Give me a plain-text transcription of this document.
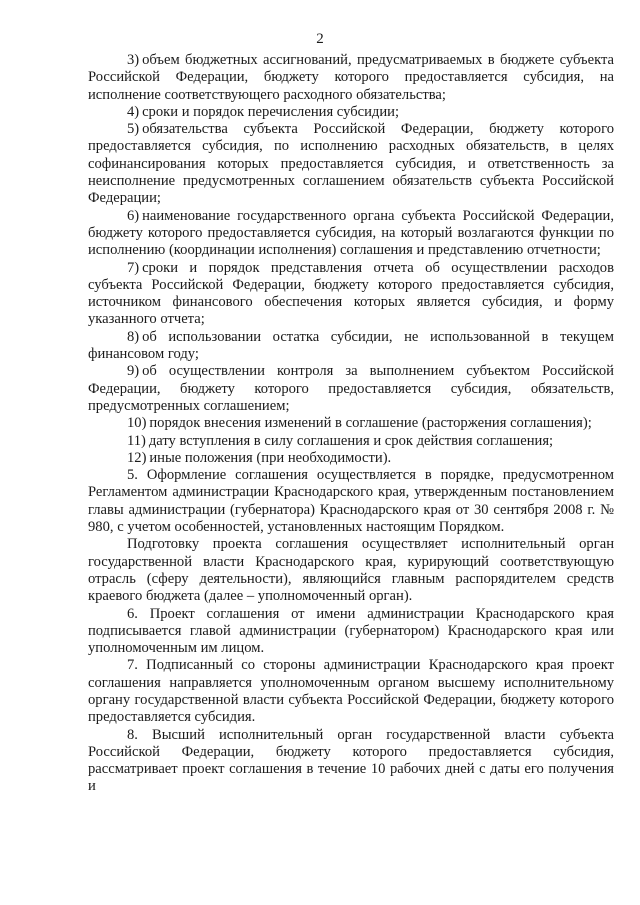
2

3) объем бюджетных ассигнований, предусматриваемых в бюджете субъекта Российской Федерации, бюджету которого предоставляется субсидия, на исполнение соответствующего расходного обязательства;

4) сроки и порядок перечисления субсидии;

5) обязательства субъекта Российской Федерации, бюджету которого предоставляется субсидия, по исполнению расходных обязательств, в целях софинансирования которых предоставляется субсидия, и ответственность за неисполнение предусмотренных соглашением обязательств субъекта Российской Федерации;

6) наименование государственного органа субъекта Российской Федерации, бюджету которого предоставляется субсидия, на который возлагаются функции по исполнению (координации исполнения) соглашения и представлению отчетности;

7) сроки и порядок представления отчета об осуществлении расходов субъекта Российской Федерации, бюджету которого предоставляется субсидия, источником финансового обеспечения которых является субсидия, и форму указанного отчета;

8) об использовании остатка субсидии, не использованной в текущем финансовом году;

9) об осуществлении контроля за выполнением субъектом Российской Федерации, бюджету которого предоставляется субсидия, обязательств, предусмотренных соглашением;

10) порядок внесения изменений в соглашение (расторжения соглашения);

11) дату вступления в силу соглашения и срок действия соглашения;

12) иные положения (при необходимости).

5. Оформление соглашения осуществляется в порядке, предусмотренном Регламентом администрации Краснодарского края, утвержденным постановлением главы администрации (губернатора) Краснодарского края от 30 сентября 2008 г. № 980, с учетом особенностей, установленных настоящим Порядком.

Подготовку проекта соглашения осуществляет исполнительный орган государственной власти Краснодарского края, курирующий соответствующую отрасль (сферу деятельности), являющийся главным распорядителем средств краевого бюджета (далее – уполномоченный орган).

6. Проект соглашения от имени администрации Краснодарского края подписывается главой администрации (губернатором) Краснодарского края или уполномоченным им лицом.

7. Подписанный со стороны администрации Краснодарского края проект соглашения направляется уполномоченным органом высшему исполнительному органу государственной власти субъекта Российской Федерации, бюджету которого предоставляется субсидия.

8. Высший исполнительный орган государственной власти субъекта Российской Федерации, бюджету которого предоставляется субсидия, рассматривает проект соглашения в течение 10 рабочих дней с даты его получения и
